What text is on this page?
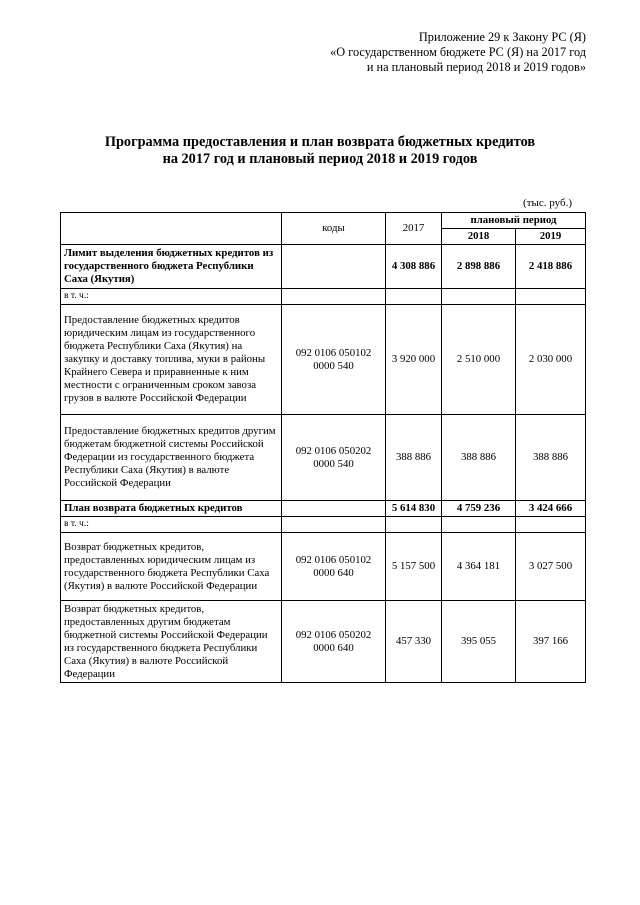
Приложение 29 к Закону РС (Я)
«О государственном бюджете РС (Я) на 2017 год
и на плановый период 2018 и 2019 годов»
Программа предоставления и план возврата бюджетных кредитов
на 2017 год и плановый период 2018 и 2019 годов
(тыс. руб.)
	коды	2017	плановый период	
			2018	2019
Лимит выделения бюджетных кредитов из государственного бюджета Республики Саха (Якутия)		4 308 886	2 898 886	2 418 886
в т. ч.:				
Предоставление бюджетных кредитов юридическим лицам из государственного бюджета Республики Саха (Якутия) на закупку и доставку топлива, муки в районы Крайнего Севера и приравненные к ним местности с ограниченным сроком завоза грузов в валюте Российской Федерации	092 0106 050102 0000 540	3 920 000	2 510 000	2 030 000
Предоставление бюджетных кредитов другим бюджетам бюджетной системы Российской Федерации из государственного бюджета Республики Саха (Якутия) в валюте Российской Федерации	092 0106 050202 0000 540	388 886	388 886	388 886
План возврата бюджетных кредитов		5 614 830	4 759 236	3 424 666
в т. ч.:				
Возврат бюджетных кредитов, предоставленных юридическим лицам из государственного бюджета Республики Саха (Якутия) в валюте Российской Федерации	092 0106 050102 0000 640	5 157 500	4 364 181	3 027 500
Возврат бюджетных кредитов, предоставленных другим бюджетам бюджетной системы Российской Федерации из государственного бюджета Республики Саха (Якутия) в валюте Российской Федерации	092 0106 050202 0000 640	457 330	395 055	397 166
